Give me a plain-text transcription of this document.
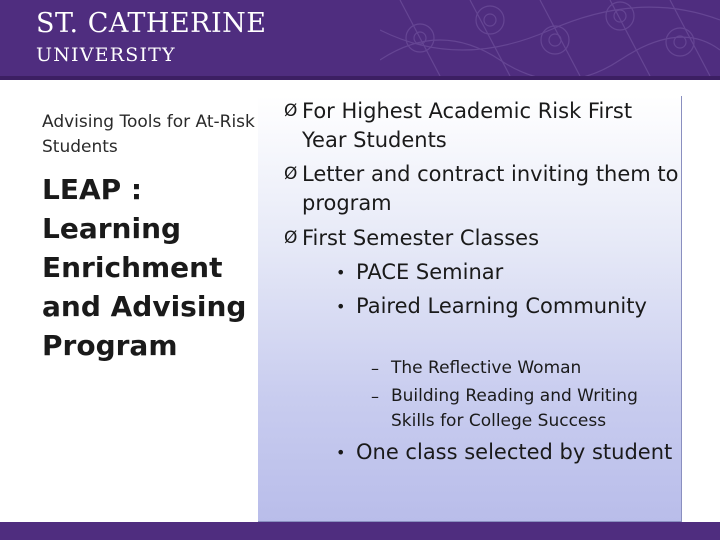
ST. CATHERINE
UNIVERSITY
Advising Tools for At-Risk Students
LEAP : Learning Enrichment and Advising Program
Ø For Highest Academic Risk First Year Students
Ø Letter and contract inviting them to program
Ø First Semester Classes
• PACE Seminar
• Paired Learning Community
– The Reflective Woman
– Building Reading and Writing Skills for College Success
• One class selected by student
